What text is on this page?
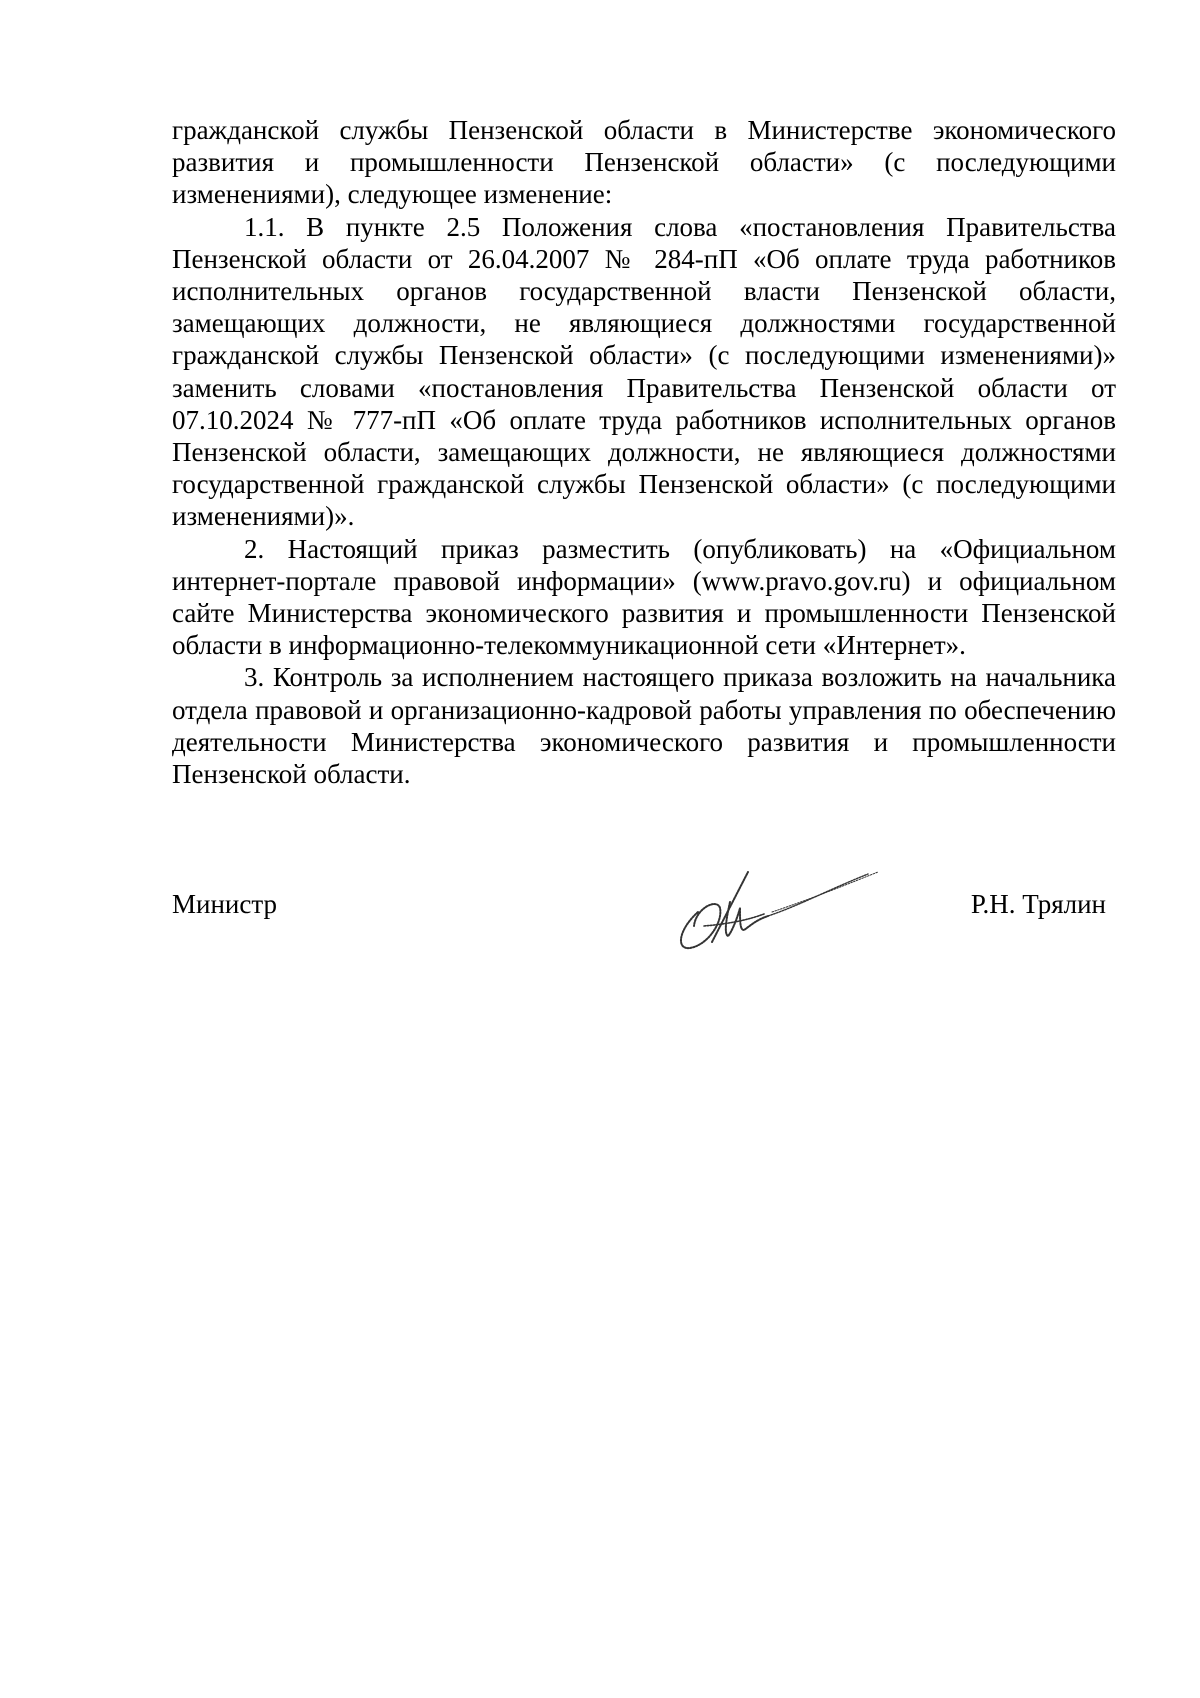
гражданской службы Пензенской области в Министерстве экономического развития и промышленности Пензенской области» (с последующими изменениями), следующее изменение:

1.1. В пункте 2.5 Положения слова «постановления Правительства Пензенской области от 26.04.2007 № 284-пП «Об оплате труда работников исполнительных органов государственной власти Пензенской области, замещающих должности, не являющиеся должностями государственной гражданской службы Пензенской области» (с последующими изменениями)» заменить словами «постановления Правительства Пензенской области от 07.10.2024 № 777-пП «Об оплате труда работников исполнительных органов Пензенской области, замещающих должности, не являющиеся должностями государственной гражданской службы Пензенской области» (с последующими изменениями)».

2. Настоящий приказ разместить (опубликовать) на «Официальном интернет-портале правовой информации» (www.pravo.gov.ru) и официальном сайте Министерства экономического развития и промышленности Пензенской области в информационно-телекоммуникационной сети «Интернет».

3. Контроль за исполнением настоящего приказа возложить на начальника отдела правовой и организационно-кадровой работы управления по обеспечению деятельности Министерства экономического развития и промышленности Пензенской области.

Министр	Р.Н. Трялин
